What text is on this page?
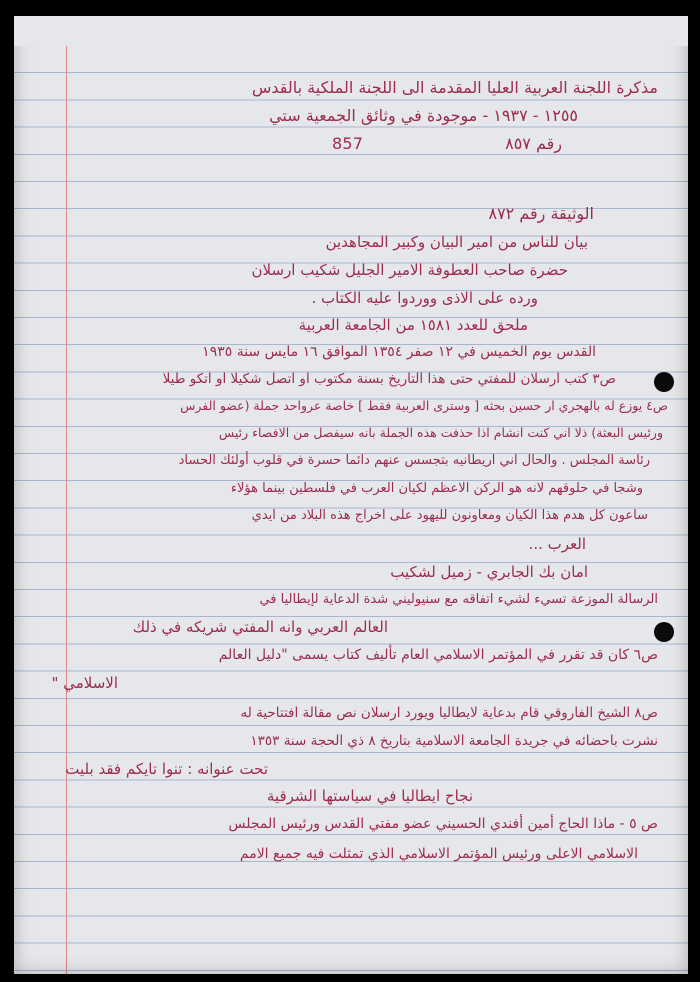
مذكرة اللجنة العربية العليا المقدمة الى اللجنة الملكية بالقدس
١٢٥٥ - ١٩٣٧ - موجودة في وثائق الجمعية ستي
رقم ٨٥٧
857
الوثيقة رقم ٨٧٢
بيان للناس من امير البيان وكبير المجاهدين
حضرة صاحب العطوفة الامير الجليل شكيب ارسلان
ورده على الاذى ووردوا عليه الكتاب .
ملحق للعدد ١٥٨١ من الجامعة العربية
القدس يوم الخميس في ١٢ صفر ١٣٥٤ الموافق ١٦ مايس سنة ١٩٣٥
ص٣ كتب ارسلان للمفتي حتى هذا التاريخ بسنة مكتوب او اتصل شكيلا او اتكو طيلا
ص٤ يوزع له بالهجري ار حسين بحثه [ وسترى العربية فقط ] خاصة عرواحد جملة (عضو الفرس
ورئيس البعثة) ذلا اني كنت انشام اذا حذفت هذه الجملة بانه سيفصل من الافصاء رئيس
رئاسة المجلس . والحال اني اريطانيه بتجسس عنهم دائما حسرة في قلوب أولئك الحساد
وشجا في حلوقهم لانه هو الركن الاعظم لكيان العرب في فلسطين بينما هؤلاء
ساعون كل هدم هذا الكيان ومعاونون لليهود على اخراج هذه البلاد من ايدي
العرب ...
امان بك الجابري - زميل لشكيب
الرسالة الموزعة تسيء لشيء اتفاقه مع سنيوليني شدة الدعاية لإيطاليا في
العالم العربي وانه المفتي شريكه في ذلك
ص٦ كان قد تقرر في المؤتمر الاسلامي العام تأليف كتاب يسمى "دليل العالم
الاسلامي "
ص٨ الشيخ الفاروقي قام بدعاية لايطاليا ويورد ارسلان نص مقالة افتتاحية له
نشرت باحضائه في جريدة الجامعة الاسلامية بتاريخ ٨ ذي الحجة سنة ١٣٥٣
تحت عنوانه : تنوا تايكم فقد بليت
نجاح ايطاليا في سياستها الشرقية
ص ٥ - ماذا الحاج أمين أفندي الحسيني عضو مفتي القدس ورئيس المجلس
الاسلامي الاعلى ورئيس المؤتمر الاسلامي الذي تمثلت فيه جميع الامم
